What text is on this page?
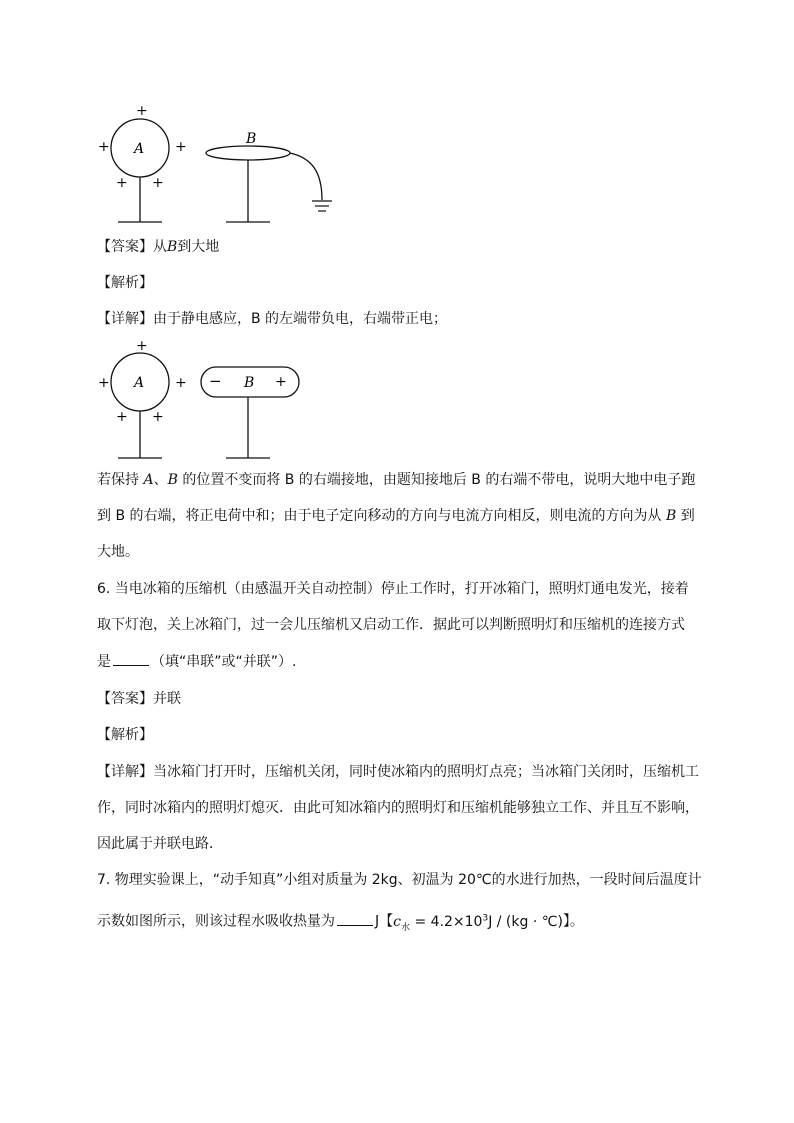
+
+	+
+ +
A
B
【答案】从B到大地
【解析】
【详解】由于静电感应，B 的左端带负电，右端带正电；
+
+	+
+ +
A	− B +
若保持 A、B 的位置不变而将 B 的右端接地，由题知接地后 B 的右端不带电，说明大地中电子跑
到 B 的右端，将正电荷中和；由于电子定向移动的方向与电流方向相反，则电流的方向为从 B 到
大地。
6. 当电冰箱的压缩机（由感温开关自动控制）停止工作时，打开冰箱门，照明灯通电发光，接着
取下灯泡，关上冰箱门，过一会儿压缩机又启动工作．据此可以判断照明灯和压缩机的连接方式
是	（填“串联”或“并联”）.
【答案】并联
【解析】
【详解】当冰箱门打开时，压缩机关闭，同时使冰箱内的照明灯点亮；当冰箱门关闭时，压缩机工
作，同时冰箱内的照明灯熄灭．由此可知冰箱内的照明灯和压缩机能够独立工作、并且互不影响，
因此属于并联电路．
7. 物理实验课上，“动手知真”小组对质量为 2kg、初温为 20℃的水进行加热，一段时间后温度计
示数如图所示，则该过程水吸收热量为	J【$c_水 = 4.2\times 10^3J / (kg$ · ℃)】。
